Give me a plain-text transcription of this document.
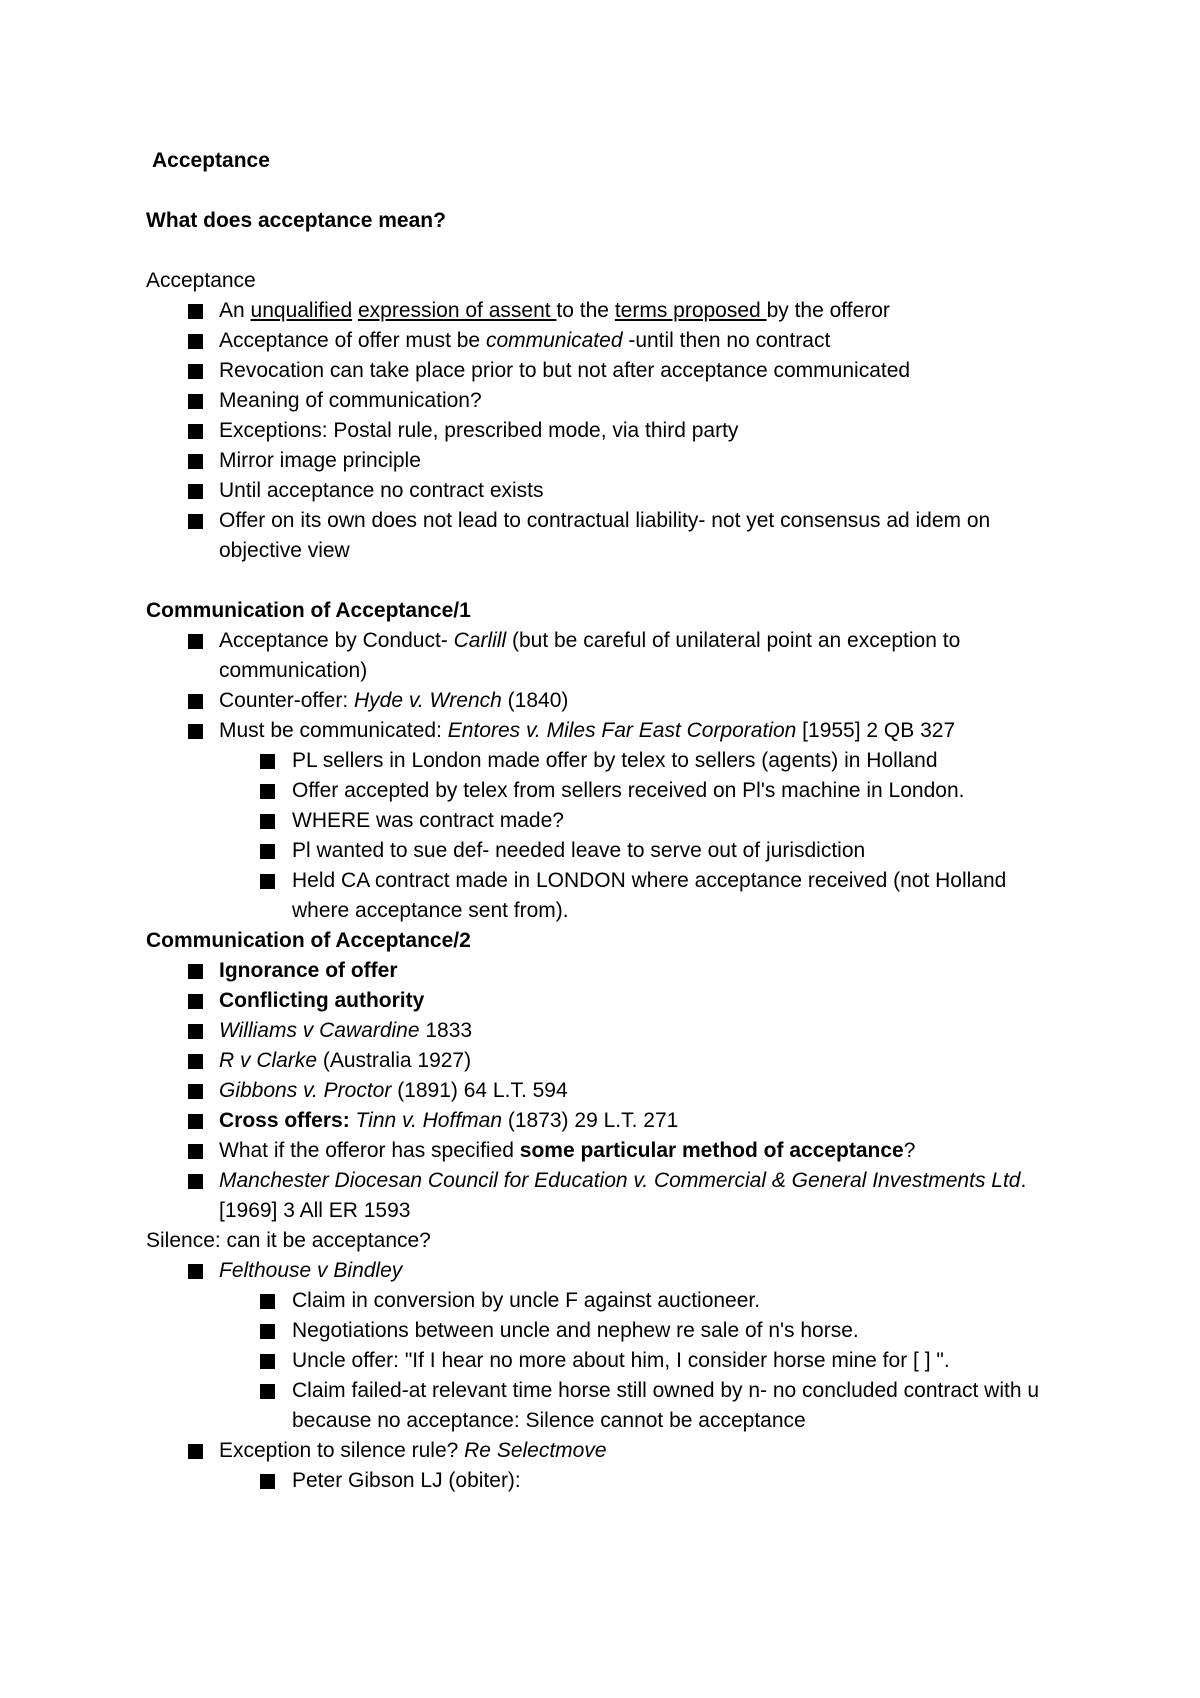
Acceptance
What does acceptance mean?
Acceptance
An unqualified expression of assent to the terms proposed by the offeror
Acceptance of offer must be communicated -until then no contract
Revocation can take place prior to but not after acceptance communicated
Meaning of communication?
Exceptions: Postal rule, prescribed mode, via third party
Mirror image principle
Until acceptance no contract exists
Offer on its own does not lead to contractual liability- not yet consensus ad idem on objective view
Communication of Acceptance/1
Acceptance by Conduct- Carlill (but be careful of unilateral point an exception to communication)
Counter-offer: Hyde v. Wrench (1840)
Must be communicated: Entores v. Miles Far East Corporation [1955] 2 QB 327
PL sellers in London made offer by telex to sellers (agents) in Holland
Offer accepted by telex from sellers received on Pl's machine in London.
WHERE was contract made?
Pl wanted to sue def- needed leave to serve out of jurisdiction
Held CA contract made in LONDON where acceptance received (not Holland where acceptance sent from).
Communication of Acceptance/2
Ignorance of offer
Conflicting authority
Williams v Cawardine 1833
R v Clarke (Australia 1927)
Gibbons v. Proctor (1891) 64 L.T. 594
Cross offers: Tinn v. Hoffman (1873) 29 L.T. 271
What if the offeror has specified some particular method of acceptance?
Manchester Diocesan Council for Education v. Commercial & General Investments Ltd. [1969] 3 All ER 1593
Silence: can it be acceptance?
Felthouse v Bindley
Claim in conversion by uncle F against auctioneer.
Negotiations between uncle and nephew re sale of n's horse.
Uncle offer: "If I hear no more about him, I consider horse mine for [ ] ".
Claim failed-at relevant time horse still owned by n- no concluded contract with u because no acceptance: Silence cannot be acceptance
Exception to silence rule? Re Selectmove
Peter Gibson LJ (obiter):
